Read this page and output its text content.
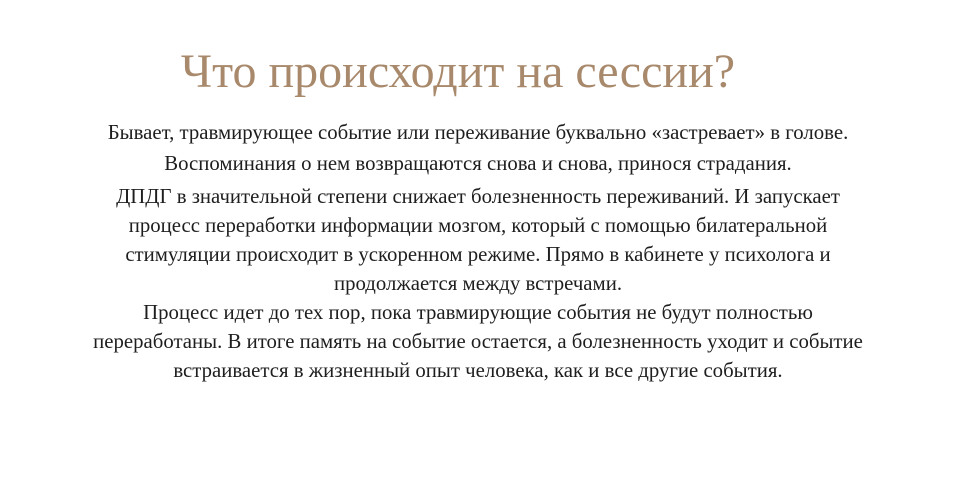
Что происходит на сессии?

Бывает, травмирующее событие или переживание буквально «застревает» в голове.
Воспоминания о нем возвращаются снова и снова, принося страдания.

ДПДГ в значительной степени снижает болезненность переживаний. И запускает
процесс переработки информации мозгом, который с помощью билатеральной
стимуляции происходит в ускоренном режиме. Прямо в кабинете у психолога и
продолжается между встречами.

Процесс идет до тех пор, пока травмирующие события не будут полностью
переработаны. В итоге память на событие остается, а болезненность уходит и событие
встраивается в жизненный опыт человека, как и все другие события.
